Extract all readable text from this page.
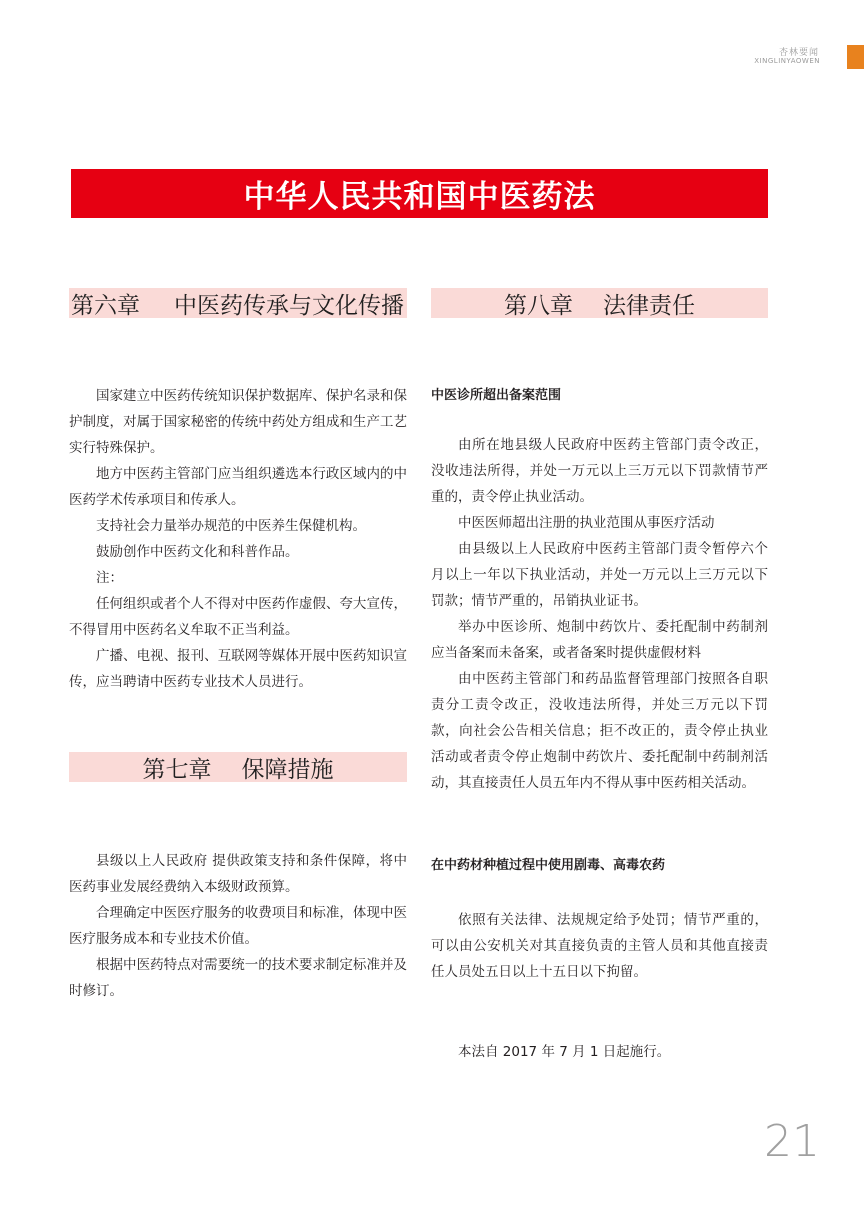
杏林要闻
XINGLINYAOWEN
中华人民共和国中医药法
第六章 中医药传承与文化传播

国家建立中医药传统知识保护数据库、保护名录和保护制度，对属于国家秘密的传统中药处方组成和生产工艺实行特殊保护。

地方中医药主管部门应当组织遴选本行政区域内的中医药学术传承项目和传承人。

支持社会力量举办规范的中医养生保健机构。

鼓励创作中医药文化和科普作品。

注：

任何组织或者个人不得对中医药作虚假、夸大宣传，不得冒用中医药名义牟取不正当利益。

广播、电视、报刊、互联网等媒体开展中医药知识宣传，应当聘请中医药专业技术人员进行。

第七章 保障措施

县级以上人民政府 提供政策支持和条件保障，将中医药事业发展经费纳入本级财政预算。

合理确定中医医疗服务的收费项目和标准，体现中医医疗服务成本和专业技术价值。

根据中医药特点对需要统一的技术要求制定标准并及时修订。

第八章 法律责任

中医诊所超出备案范围

由所在地县级人民政府中医药主管部门责令改正，没收违法所得，并处一万元以上三万元以下罚款情节严重的，责令停止执业活动。

中医医师超出注册的执业范围从事医疗活动

由县级以上人民政府中医药主管部门责令暂停六个月以上一年以下执业活动，并处一万元以上三万元以下罚款；情节严重的，吊销执业证书。

举办中医诊所、炮制中药饮片、委托配制中药制剂应当备案而未备案，或者备案时提供虚假材料

由中医药主管部门和药品监督管理部门按照各自职责分工责令改正，没收违法所得，并处三万元以下罚款，向社会公告相关信息；拒不改正的，责令停止执业活动或者责令停止炮制中药饮片、委托配制中药制剂活动，其直接责任人员五年内不得从事中医药相关活动。

在中药材种植过程中使用剧毒、高毒农药

依照有关法律、法规规定给予处罚；情节严重的，可以由公安机关对其直接负责的主管人员和其他直接责任人员处五日以上十五日以下拘留。

本法自 2017 年 7 月 1 日起施行。

21
